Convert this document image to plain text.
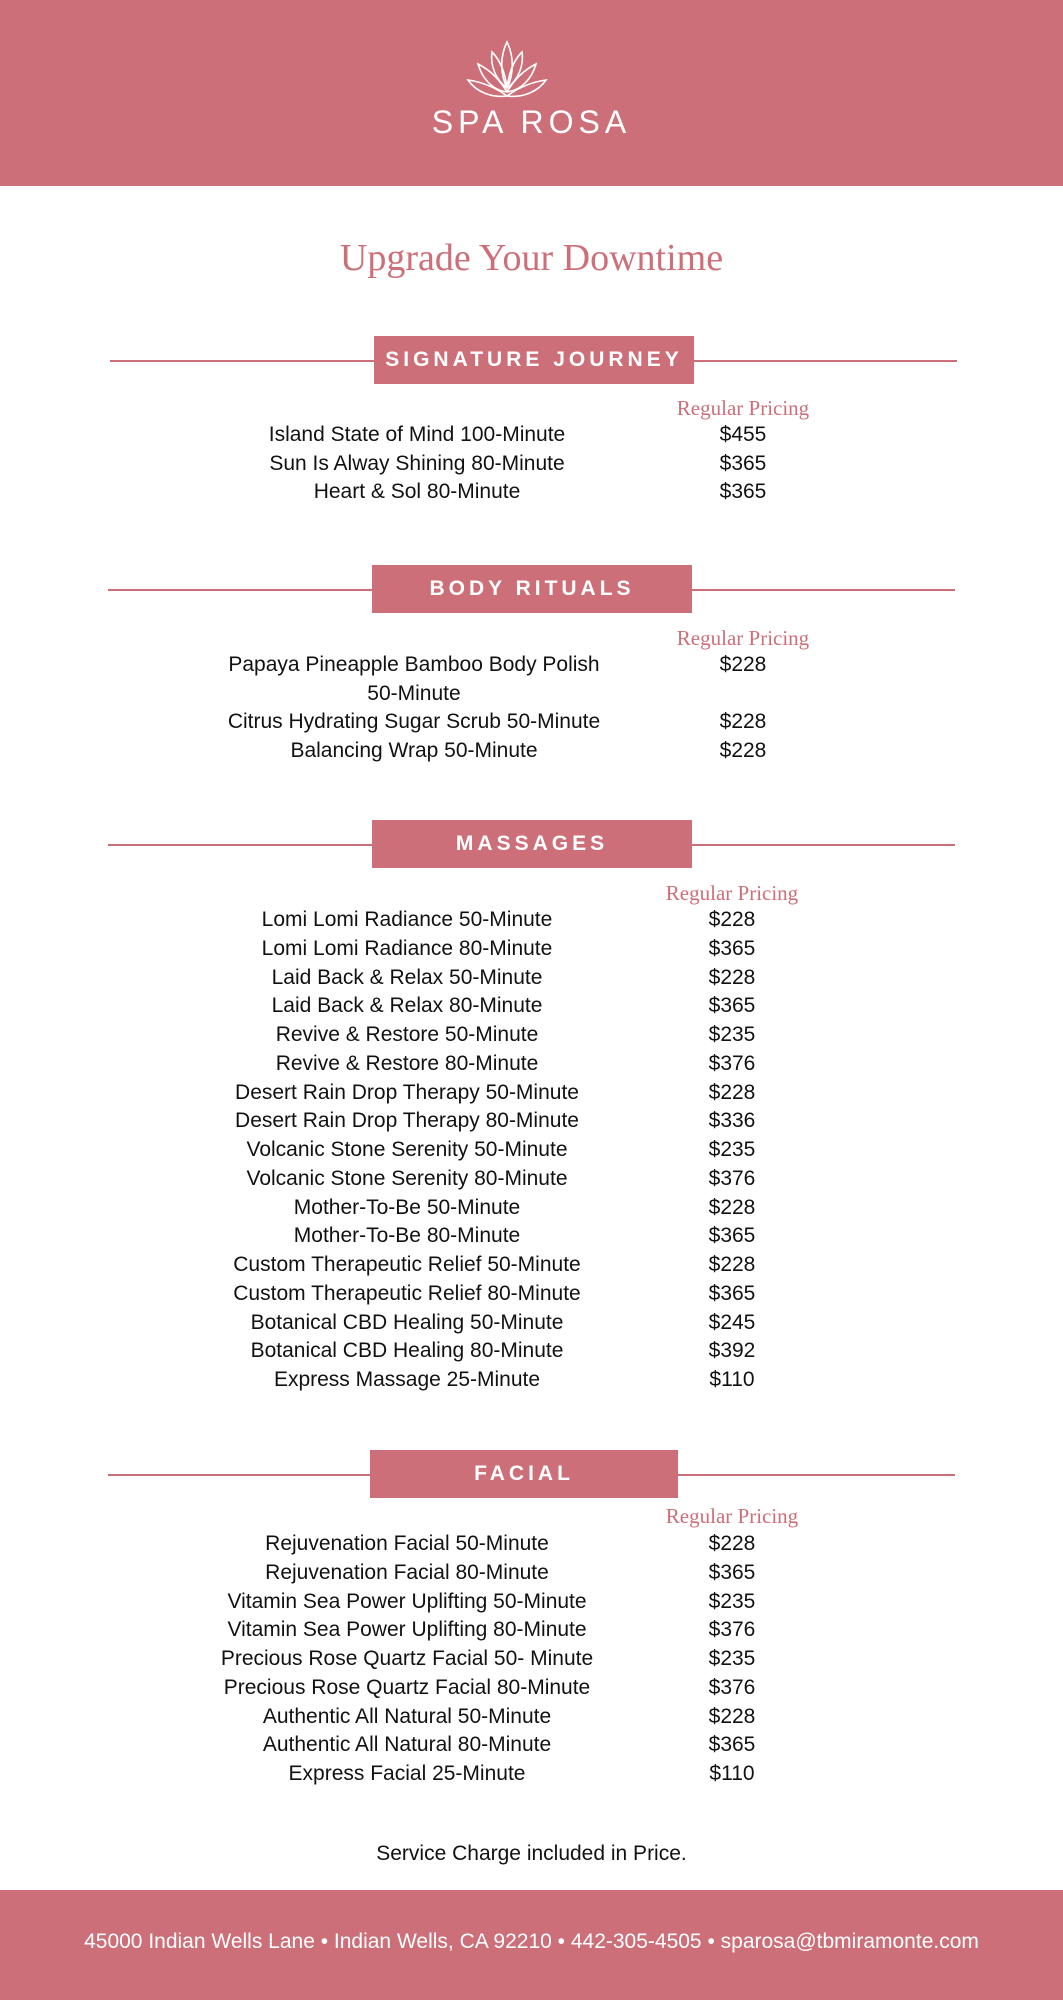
SPA ROSA
Upgrade Your Downtime
SIGNATURE JOURNEY
Regular Pricing
Island State of Mind 100-Minute	$455
Sun Is Alway Shining 80-Minute	$365
Heart & Sol 80-Minute	$365
BODY RITUALS
Regular Pricing
Papaya Pineapple Bamboo Body Polish
50-Minute
$228
Citrus Hydrating Sugar Scrub 50-Minute	$228
Balancing Wrap 50-Minute	$228
MASSAGES
Regular Pricing
Lomi Lomi Radiance 50-Minute	$228
Lomi Lomi Radiance 80-Minute	$365
Laid Back & Relax 50-Minute	$228
Laid Back & Relax 80-Minute	$365
Revive & Restore 50-Minute	$235
Revive & Restore 80-Minute	$376
Desert Rain Drop Therapy 50-Minute	$228
Desert Rain Drop Therapy 80-Minute	$336
Volcanic Stone Serenity 50-Minute	$235
Volcanic Stone Serenity 80-Minute	$376
Mother-To-Be 50-Minute	$228
Mother-To-Be 80-Minute	$365
Custom Therapeutic Relief 50-Minute	$228
Custom Therapeutic Relief 80-Minute	$365
Botanical CBD Healing 50-Minute	$245
Botanical CBD Healing 80-Minute	$392
Express Massage 25-Minute	$110
FACIAL
Regular Pricing
Rejuvenation Facial 50-Minute	$228
Rejuvenation Facial 80-Minute	$365
Vitamin Sea Power Uplifting 50-Minute	$235
Vitamin Sea Power Uplifting 80-Minute	$376
Precious Rose Quartz Facial 50- Minute	$235
Precious Rose Quartz Facial 80-Minute	$376
Authentic All Natural 50-Minute	$228
Authentic All Natural 80-Minute	$365
Express Facial 25-Minute	$110
Service Charge included in Price.
45000 Indian Wells Lane • Indian Wells, CA 92210 • 442-305-4505 • sparosa@tbmiramonte.com
